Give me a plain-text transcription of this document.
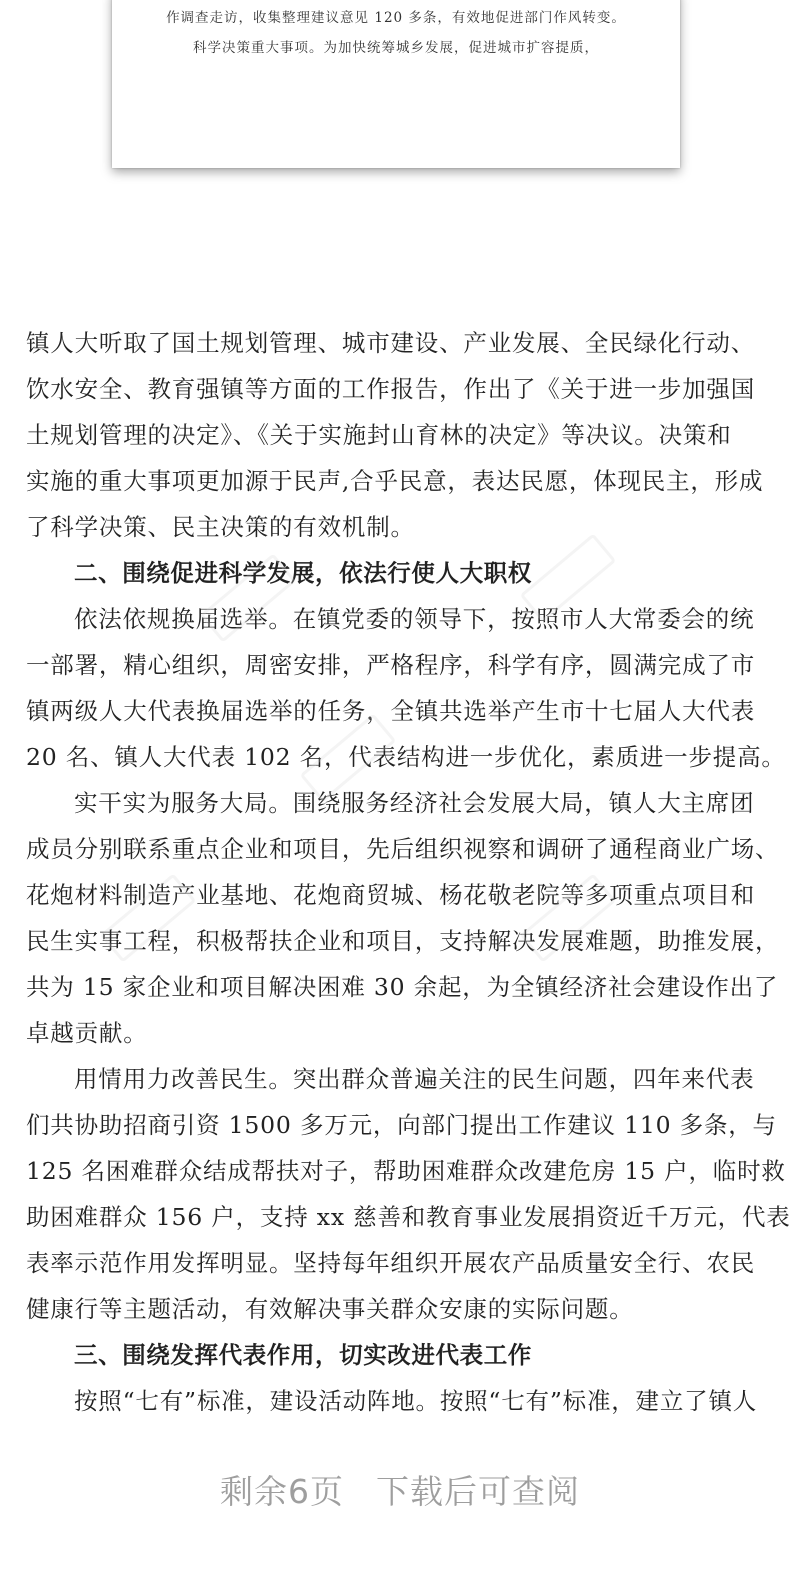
作调查走访，收集整理建议意见 120 多条，有效地促进部门作风转变。
科学决策重大事项。为加快统筹城乡发展，促进城市扩容提质，
镇人大听取了国土规划管理、城市建设、产业发展、全民绿化行动、
饮水安全、教育强镇等方面的工作报告，作出了《关于进一步加强国
土规划管理的决定》、《关于实施封山育林的决定》等决议。决策和
实施的重大事项更加源于民声,合乎民意，表达民愿，体现民主，形成
了科学决策、民主决策的有效机制。
二、围绕促进科学发展，依法行使人大职权
依法依规换届选举。在镇党委的领导下，按照市人大常委会的统
一部署，精心组织，周密安排，严格程序，科学有序，圆满完成了市
镇两级人大代表换届选举的任务，全镇共选举产生市十七届人大代表
20 名、镇人大代表 102 名，代表结构进一步优化，素质进一步提高。
实干实为服务大局。围绕服务经济社会发展大局，镇人大主席团
成员分别联系重点企业和项目，先后组织视察和调研了通程商业广场、
花炮材料制造产业基地、花炮商贸城、杨花敬老院等多项重点项目和
民生实事工程，积极帮扶企业和项目，支持解决发展难题，助推发展，
共为 15 家企业和项目解决困难 30 余起，为全镇经济社会建设作出了
卓越贡献。
用情用力改善民生。突出群众普遍关注的民生问题，四年来代表
们共协助招商引资 1500 多万元，向部门提出工作建议 110 多条，与
125 名困难群众结成帮扶对子，帮助困难群众改建危房 15 户，临时救
助困难群众 156 户，支持 xx 慈善和教育事业发展捐资近千万元，代表
表率示范作用发挥明显。坚持每年组织开展农产品质量安全行、农民
健康行等主题活动，有效解决事关群众安康的实际问题。
三、围绕发挥代表作用，切实改进代表工作
按照“七有”标准，建设活动阵地。按照“七有”标准，建立了镇人
剩余6页 下载后可查阅
